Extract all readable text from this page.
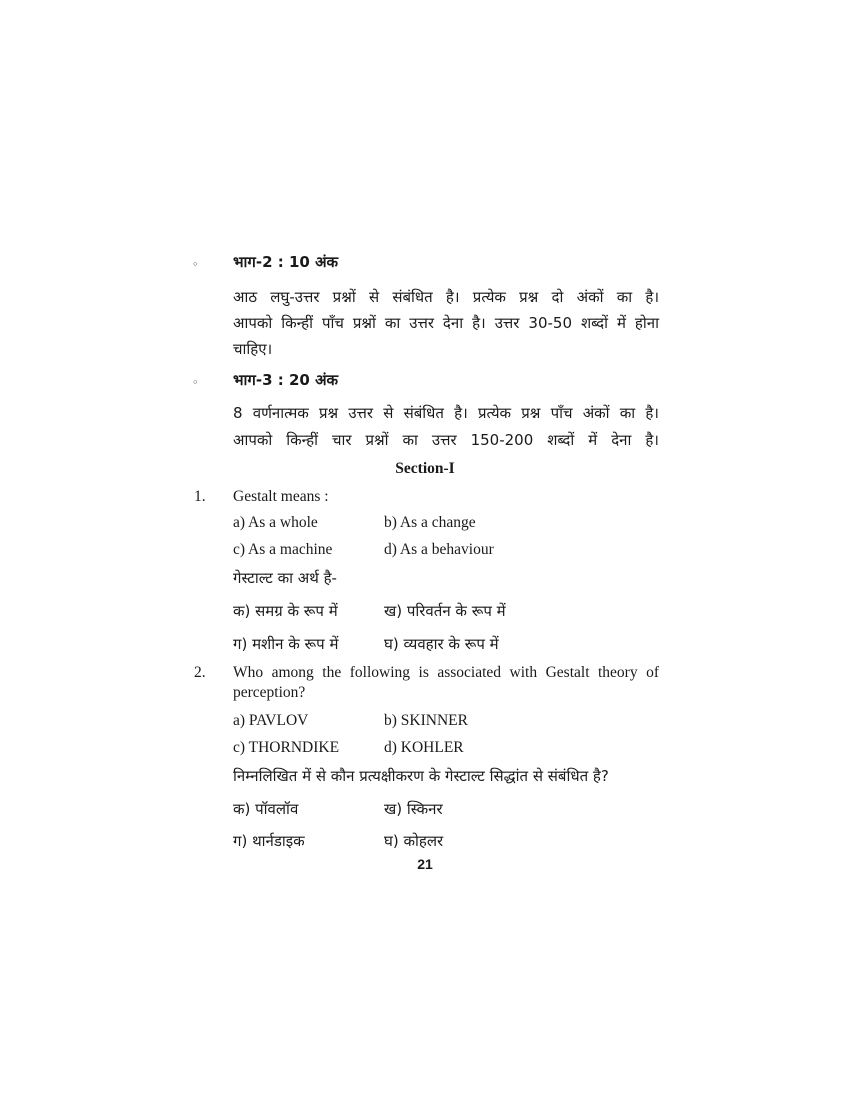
◦ भाग-2 : 10 अंक
आठ लघु-उत्तर प्रश्नों से संबंधित है। प्रत्येक प्रश्न दो अंकों का है।
आपको किन्हीं पाँच प्रश्नों का उत्तर देना है। उत्तर 30-50 शब्दों में होना
चाहिए।
◦ भाग-3 : 20 अंक
8 वर्णनात्मक प्रश्न उत्तर से संबंधित है। प्रत्येक प्रश्न पाँच अंकों का है।
आपको किन्हीं चार प्रश्नों का उत्तर 150-200 शब्दों में देना है।
Section-I
1. Gestalt means :
a) As a whole	b) As a change
c) As a machine	d) As a behaviour
गेस्टाल्ट का अर्थ है-
क) समग्र के रूप में	ख) परिवर्तन के रूप में
ग) मशीन के रूप में	घ) व्यवहार के रूप में
2. Who among the following is associated with Gestalt theory of
perception?
a) PAVLOV	b) SKINNER
c) THORNDIKE	d) KOHLER
निम्नलिखित में से कौन प्रत्यक्षीकरण के गेस्टाल्ट सिद्धांत से संबंधित है?
क) पॉवलॉव	ख) स्किनर
ग) थार्नडाइक	घ) कोहलर
21
